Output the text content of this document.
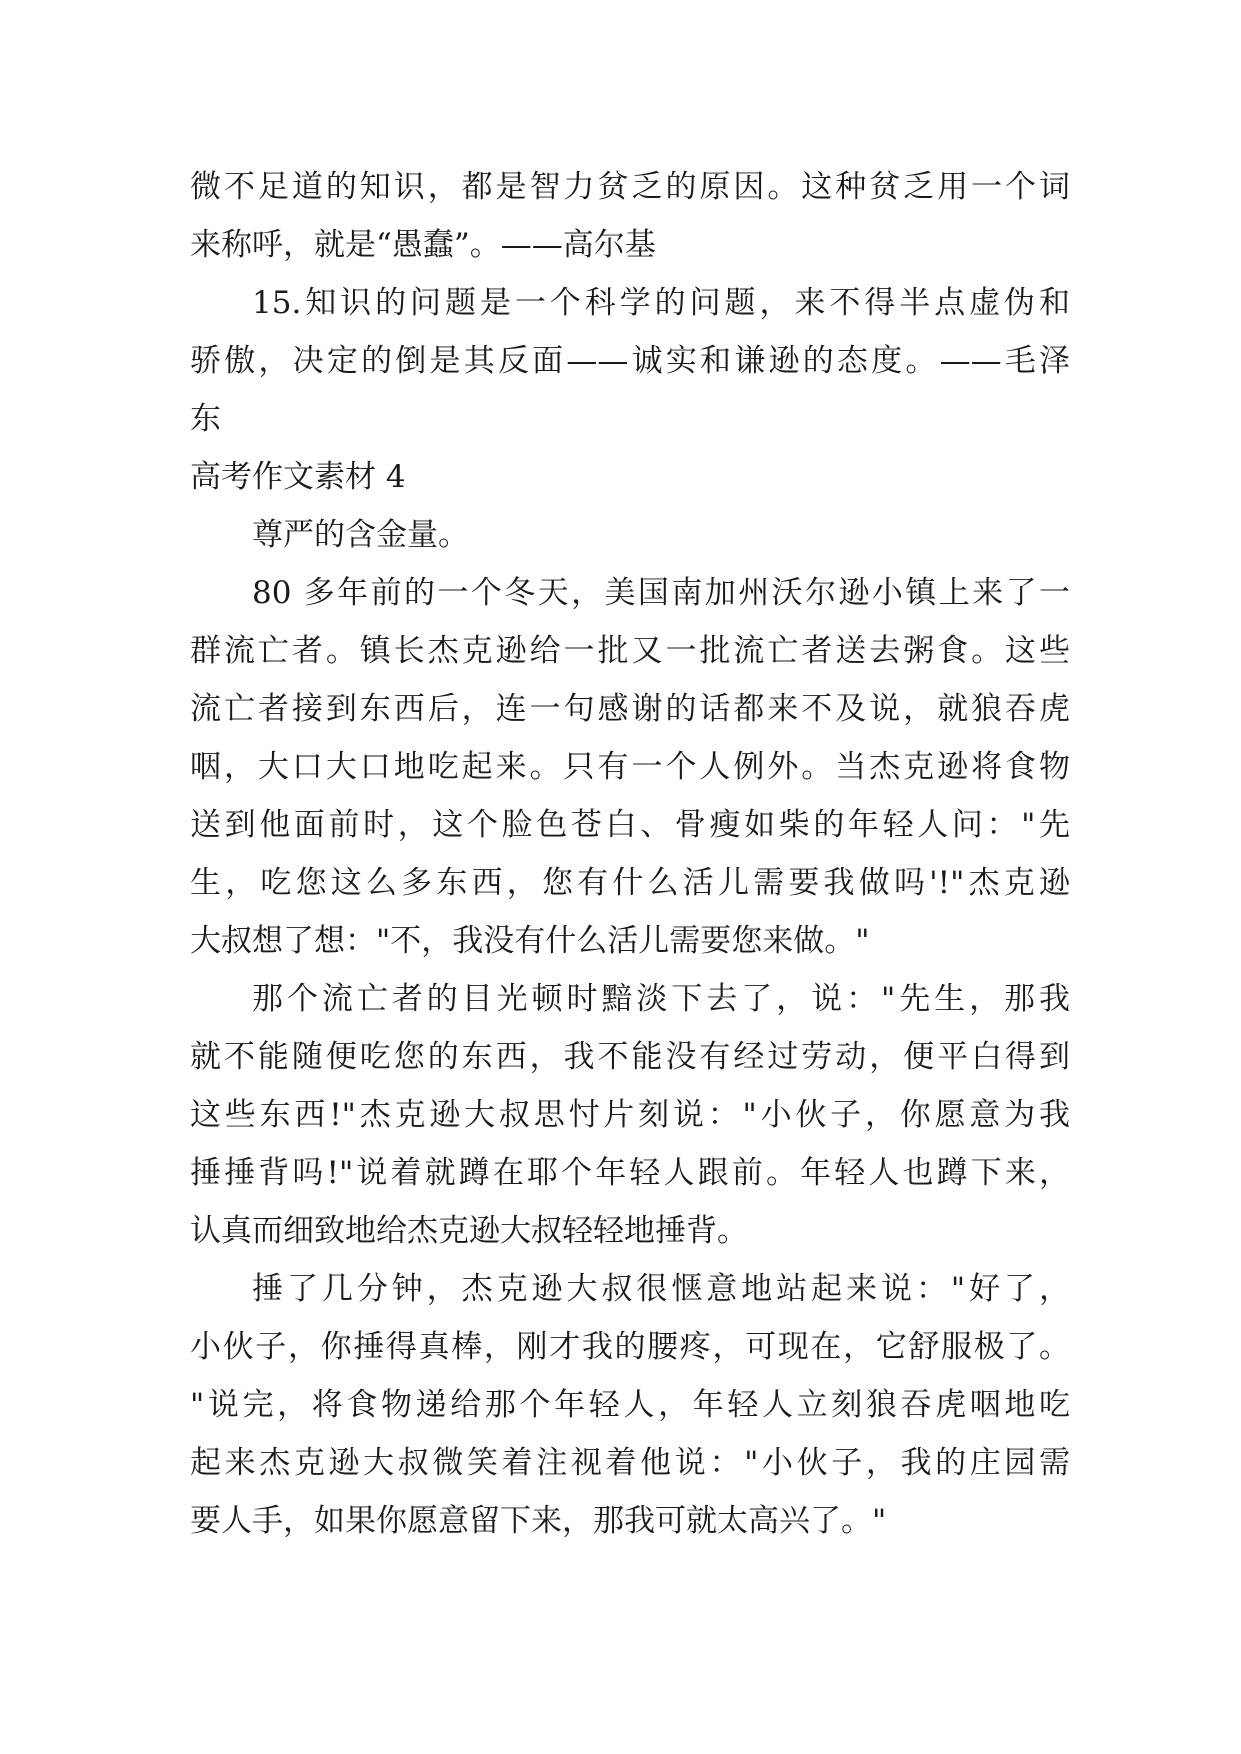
微不足道的知识，都是智力贫乏的原因。这种贫乏用一个词
来称呼，就是“愚蠢”。——高尔基
15.知识的问题是一个科学的问题，来不得半点虚伪和
骄傲，决定的倒是其反面——诚实和谦逊的态度。——毛泽
东
高考作文素材 4
尊严的含金量。
80 多年前的一个冬天，美国南加州沃尔逊小镇上来了一
群流亡者。镇长杰克逊给一批又一批流亡者送去粥食。这些
流亡者接到东西后，连一句感谢的话都来不及说，就狼吞虎
咽，大口大口地吃起来。只有一个人例外。当杰克逊将食物
送到他面前时，这个脸色苍白、骨瘦如柴的年轻人问："先
生，吃您这么多东西，您有什么活儿需要我做吗'!"杰克逊
大叔想了想："不，我没有什么活儿需要您来做。"
那个流亡者的目光顿时黯淡下去了，说："先生，那我
就不能随便吃您的东西，我不能没有经过劳动，便平白得到
这些东西!"杰克逊大叔思忖片刻说："小伙子，你愿意为我
捶捶背吗!"说着就蹲在耶个年轻人跟前。年轻人也蹲下来，
认真而细致地给杰克逊大叔轻轻地捶背。
捶了几分钟，杰克逊大叔很惬意地站起来说："好了，
小伙子，你捶得真棒，刚才我的腰疼，可现在，它舒服极了。
"说完，将食物递给那个年轻人，年轻人立刻狼吞虎咽地吃
起来杰克逊大叔微笑着注视着他说："小伙子，我的庄园需
要人手，如果你愿意留下来，那我可就太高兴了。"
